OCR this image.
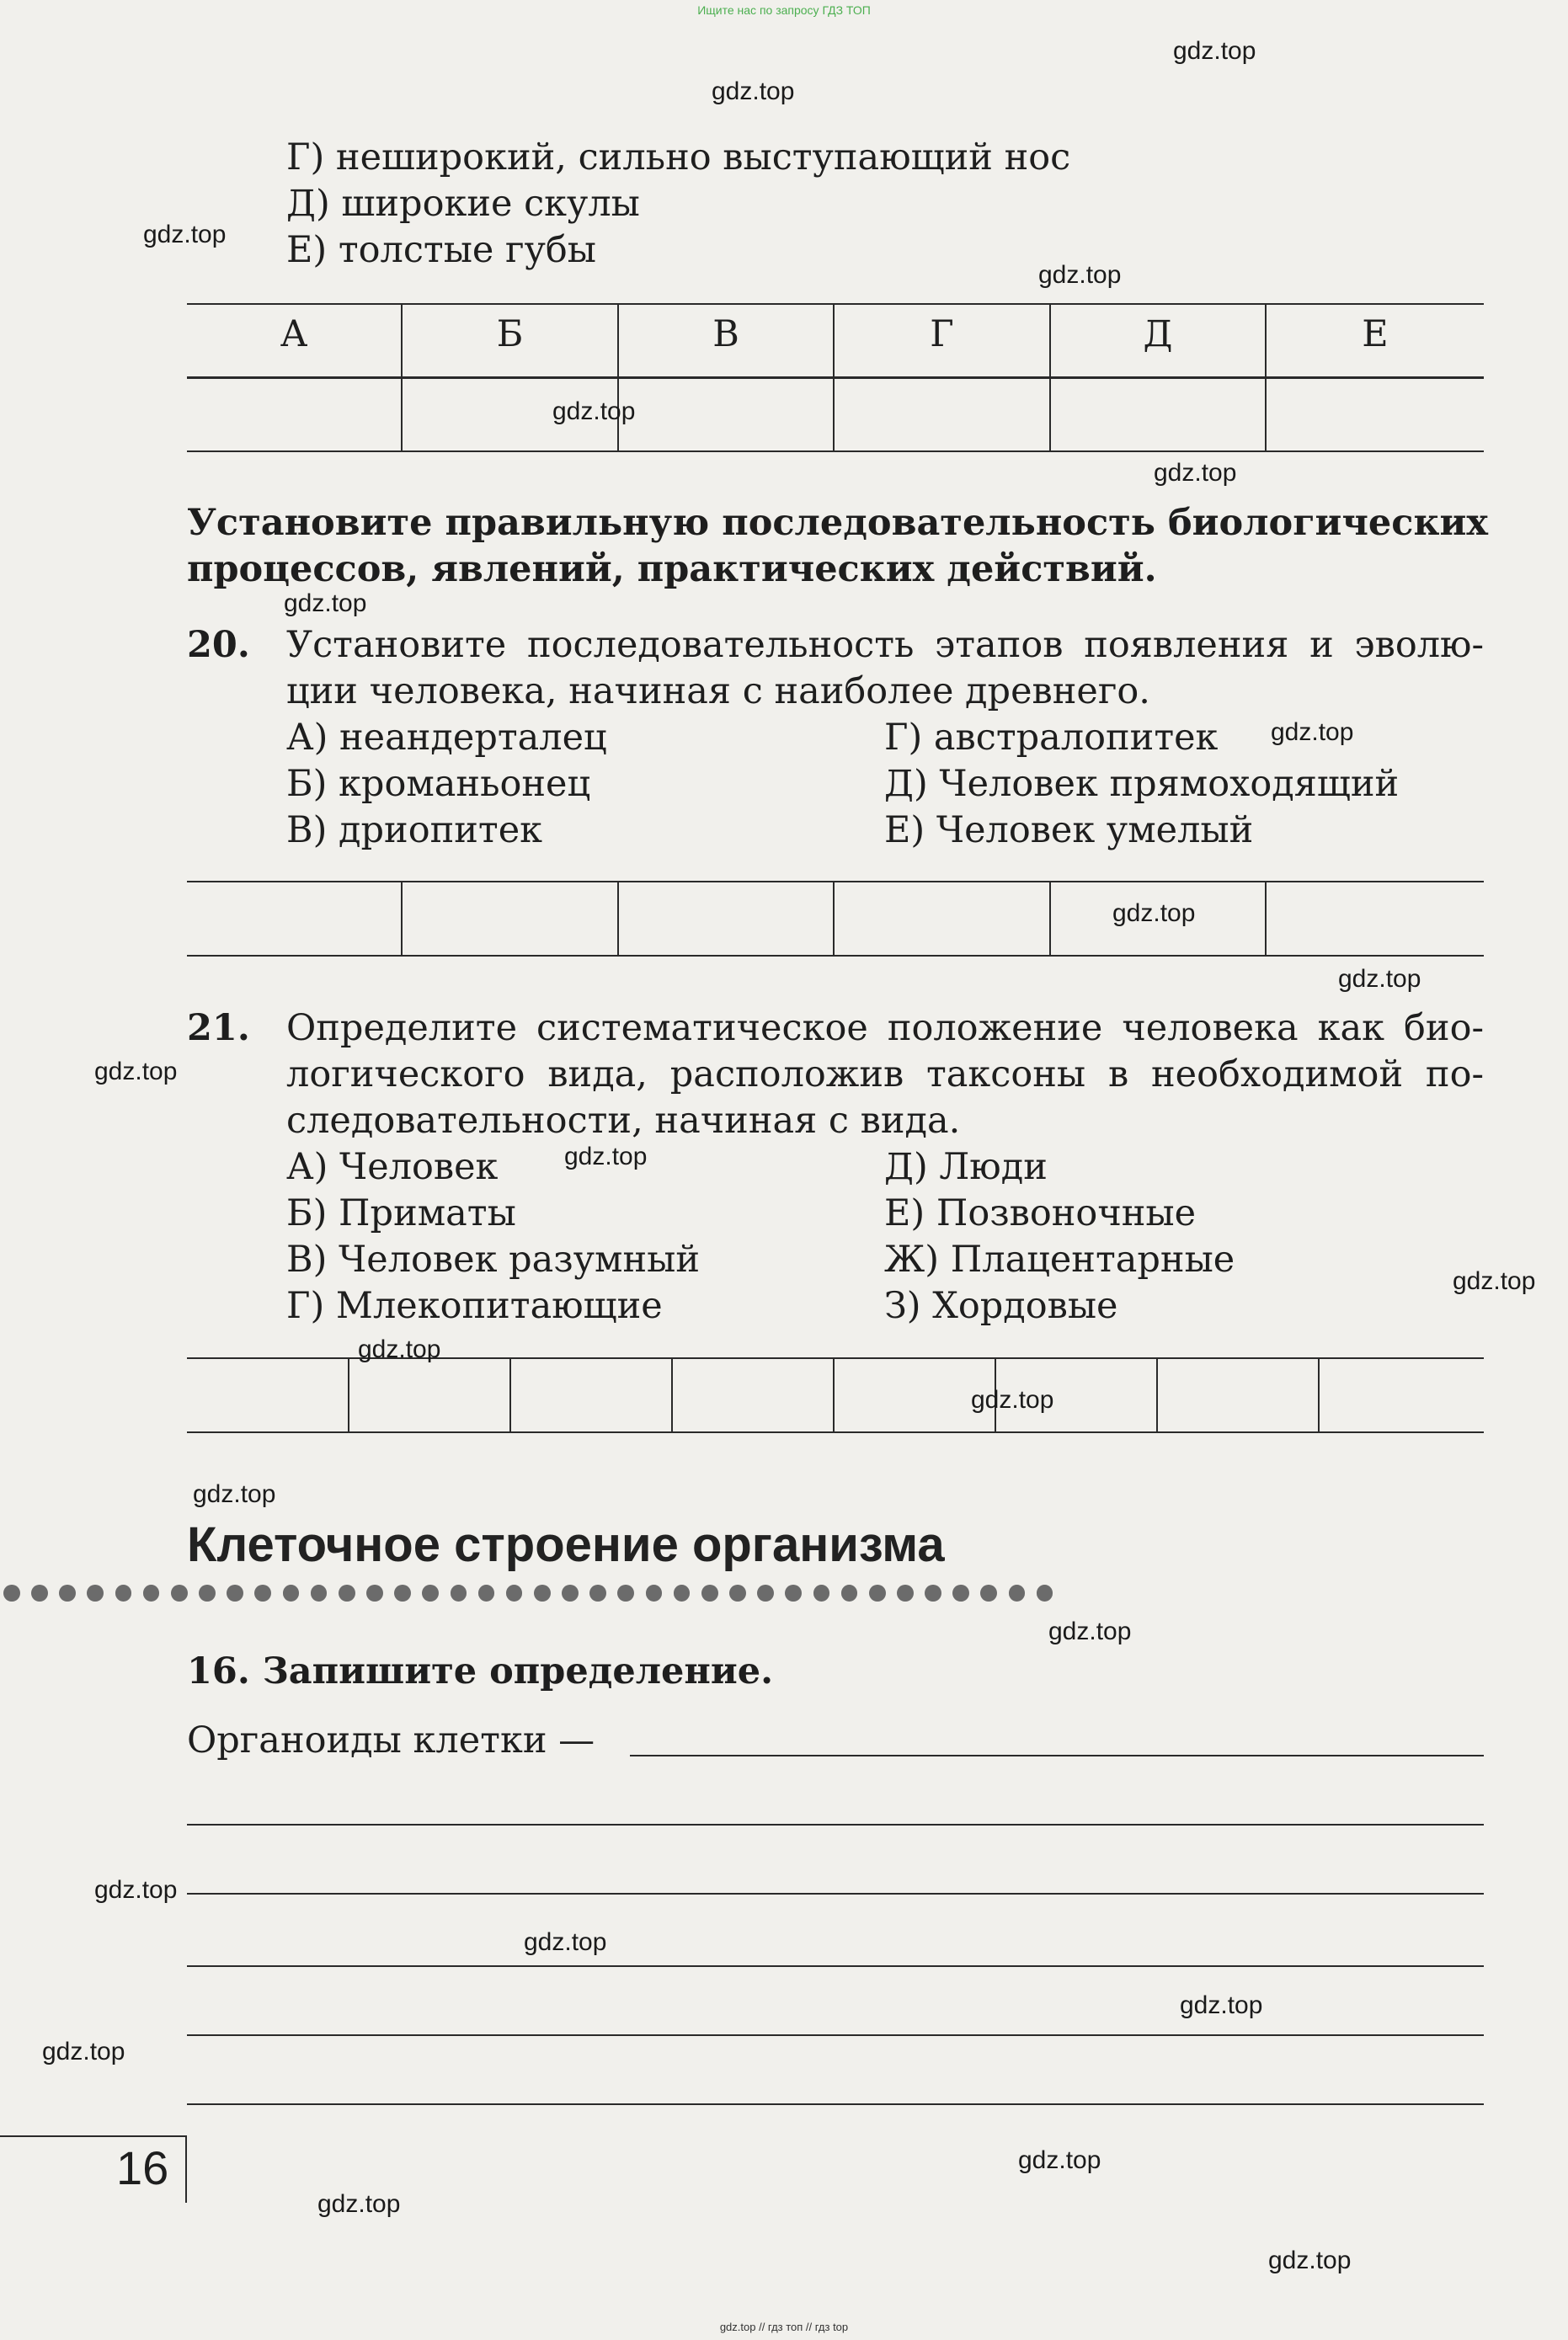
Ищите нас по запросу ГДЗ ТОП
gdz.top // гдз топ // гдз top
Г) неширокий, сильно выступающий нос
Д) широкие скулы
Е) толстые губы
А	Б	В	Г	Д	Е
Установите правильную последовательность биологических
процессов, явлений, практических действий.
20. Установите последовательность этапов появления и эволю-
ции человека, начиная с наиболее древнего.
А) неандерталец
Б) кроманьонец
В) дриопитек
Г) австралопитек
Д) Человек прямоходящий
Е) Человек умелый
21. Определите систематическое положение человека как био-
логического вида, расположив таксоны в необходимой по-
следовательности, начиная с вида.
А) Человек
Б) Приматы
В) Человек разумный
Г) Млекопитающие
Д) Люди
Е) Позвоночные
Ж) Плацентарные
З) Хордовые
Клеточное строение организма
16. Запишите определение.
Органоиды клетки —
16
gdz.top
gdz.top
gdz.top
gdz.top
gdz.top
gdz.top
gdz.top
gdz.top
gdz.top
gdz.top
gdz.top
gdz.top
gdz.top
gdz.top
gdz.top
gdz.top
gdz.top
gdz.top
gdz.top
gdz.top
gdz.top
gdz.top
gdz.top
gdz.top
